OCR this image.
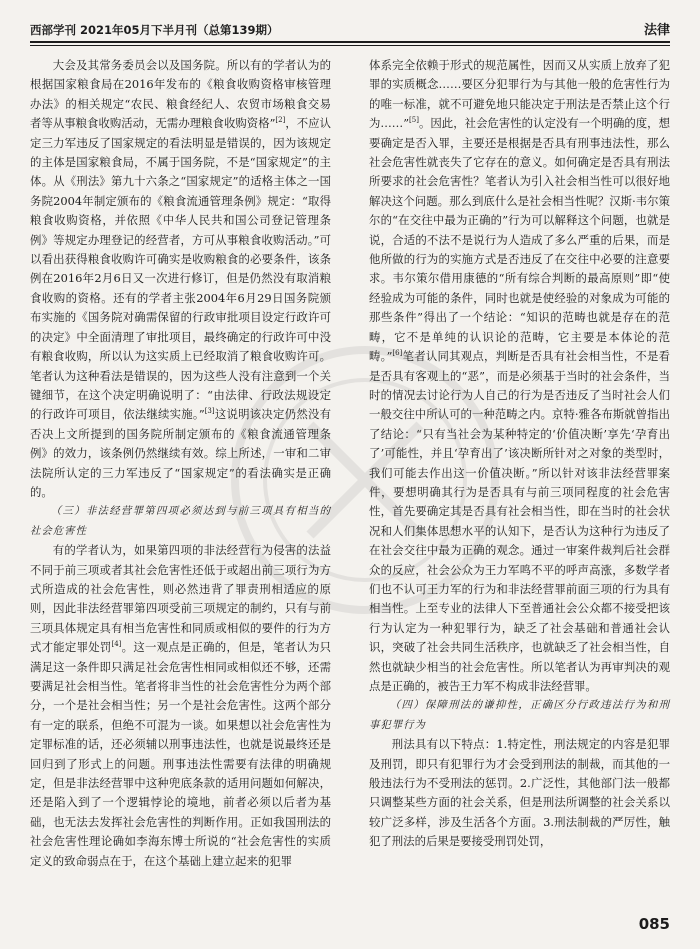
西部学刊 2021年05月下半月刊（总第139期）	法律

大会及其常务委员会以及国务院。所以有的学者认为的根据国家粮食局在2016年发布的《粮食收购资格审核管理办法》的相关规定“农民、粮食经纪人、农贸市场粮食交易者等从事粮食收购活动，无需办理粮食收购资格”[2]，不应认定三力军违反了国家规定的看法明显是错误的，因为该规定的主体是国家粮食局，不属于国务院，不是“国家规定”的主体。从《刑法》第九十六条之“国家规定”的适格主体之一国务院2004年制定颁布的《粮食流通管理条例》规定：“取得粮食收购资格，并依照《中华人民共和国公司登记管理条例》等规定办理登记的经营者，方可从事粮食收购活动。”可以看出获得粮食收购许可确实是收购粮食的必要条件，该条例在2016年2月6日又一次进行修订，但是仍然没有取消粮食收购的资格。还有的学者主张2004年6月29日国务院颁布实施的《国务院对确需保留的行政审批项目设定行政许可的决定》中全面清理了审批项目，最终确定的行政许可中没有粮食收购，所以认为这实质上已经取消了粮食收购许可。笔者认为这种看法是错误的，因为这些人没有注意到一个关键细节，在这个决定明确说明了：“由法律、行政法规设定的行政许可项目，依法继续实施。”[3]这说明该决定仍然没有否决上文所提到的国务院所制定颁布的《粮食流通管理条例》的效力，该条例仍然继续有效。综上所述，一审和二审法院所认定的三力军违反了“国家规定”的看法确实是正确的。

（三）非法经营罪第四项必须达到与前三项具有相当的社会危害性

有的学者认为，如果第四项的非法经营行为侵害的法益不同于前三项或者其社会危害性还低于或超出前三项行为方式所造成的社会危害性，则必然违背了罪责刑相适应的原则，因此非法经营罪第四项受前三项规定的制约，只有与前三项具体规定具有相当危害性和同质或相似的要件的行为方式才能定罪处罚[4]。这一观点是正确的，但是，笔者认为只满足这一条件即只满足社会危害性相同或相似还不够，还需要满足社会相当性。笔者将非当性的社会危害性分为两个部分，一个是社会相当性；另一个是社会危害性。这两个部分有一定的联系，但绝不可混为一谈。如果想以社会危害性为定罪标准的话，还必须辅以刑事违法性，也就是说最终还是回归到了形式上的问题。刑事违法性需要有法律的明确规定，但是非法经营罪中这种兜底条款的适用问题如何解决，还是陷入到了一个逻辑悖论的境地，前者必须以后者为基础，也无法去发挥社会危害性的判断作用。正如我国刑法的社会危害性理论确如李海东博士所说的“社会危害性的实质定义的致命弱点在于，在这个基础上建立起来的犯罪

体系完全依赖于形式的规范属性，因而又从实质上放弃了犯罪的实质概念……要区分犯罪行为与其他一般的危害性行为的唯一标准，就不可避免地只能决定于刑法是否禁止这个行为……”[5]。因此，社会危害性的认定没有一个明确的度，想要确定是否入罪，主要还是根据是否具有刑事违法性，那么社会危害性就丧失了它存在的意义。如何确定是否具有刑法所要求的社会危害性？笔者认为引入社会相当性可以很好地解决这个问题。那么到底什么是社会相当性呢？汉斯·韦尔策尔的“在交往中最为正确的”行为可以解释这个问题，也就是说，合适的不法不是说行为人造成了多么严重的后果，而是他所做的行为的实施方式是否违反了在交往中必要的注意要求。韦尔策尔借用康德的“所有综合判断的最高原则”即“使经验成为可能的条件，同时也就是使经验的对象成为可能的那些条件”得出了一个结论：“知识的范畴也就是存在的范畴，它不是单纯的认识论的范畴，它主要是本体论的范畴。”[6]笔者认同其观点，判断是否具有社会相当性，不是看是否具有客观上的“恶”，而是必须基于当时的社会条件，当时的情况去讨论行为人自己的行为是否违反了当时社会人们一般交往中所认可的一种范畴之内。京特·雅各布斯就曾指出了结论：“只有当社会为某种特定的‘价值决断’享先‘孕育出了’可能性，并且‘孕育出了’该决断所针对之对象的类型时，我们可能去作出这一价值决断。”所以针对该非法经营罪案件，要想明确其行为是否具有与前三项同程度的社会危害性，首先要确定其是否具有社会相当性，即在当时的社会状况和人们集体思想水平的认知下，是否认为这种行为违反了在社会交往中最为正确的观念。通过一审案件裁判后社会群众的反应，社会公众为王力军鸣不平的呼声高涨，多数学者们也不认可王力军的行为和非法经营罪前面三项的行为具有相当性。上至专业的法律人下至普通社会公众都不接受把该行为认定为一种犯罪行为，缺乏了社会基础和普通社会认识，突破了社会共同生活秩序，也就缺乏了社会相当性，自然也就缺少相当的社会危害性。所以笔者认为再审判决的观点是正确的，被告王力军不构成非法经营罪。

（四）保障刑法的谦抑性，正确区分行政违法行为和刑事犯罪行为

刑法具有以下特点：1.特定性，刑法规定的内容是犯罪及刑罚，即只有犯罪行为才会受到刑法的制裁，而其他的一般违法行为不受刑法的惩罚。2.广泛性，其他部门法一般都只调整某些方面的社会关系，但是刑法所调整的社会关系以较广泛多样，涉及生活各个方面。3.刑法制裁的严厉性，触犯了刑法的后果是要接受刑罚处罚，

085
